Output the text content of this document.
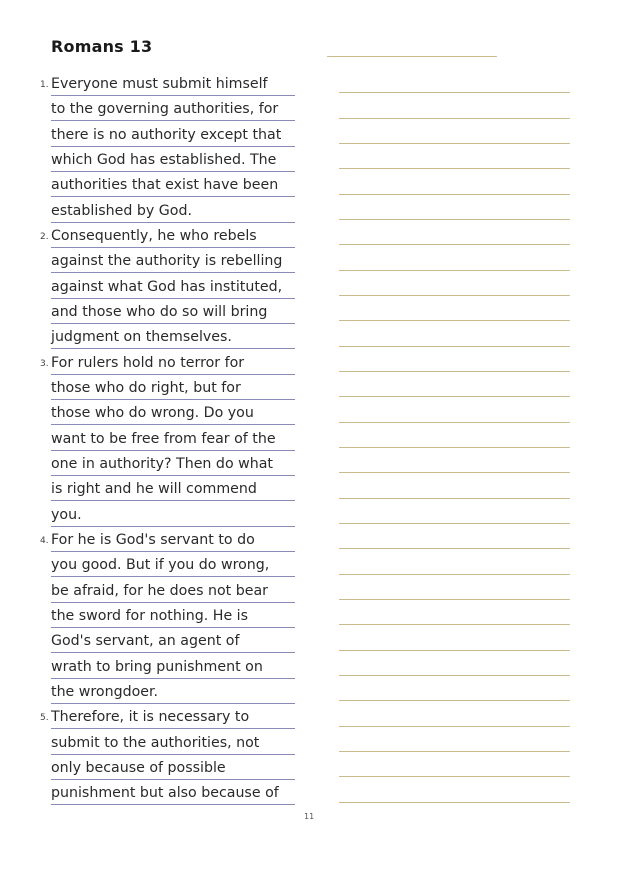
Romans 13
1. Everyone must submit himself
to the governing authorities, for
there is no authority except that
which God has established. The
authorities that exist have been
established by God.
2. Consequently, he who rebels
against the authority is rebelling
against what God has instituted,
and those who do so will bring
judgment on themselves.
3. For rulers hold no terror for
those who do right, but for
those who do wrong. Do you
want to be free from fear of the
one in authority? Then do what
is right and he will commend
you.
4. For he is God's servant to do
you good. But if you do wrong,
be afraid, for he does not bear
the sword for nothing. He is
God's servant, an agent of
wrath to bring punishment on
the wrongdoer.
5. Therefore, it is necessary to
submit to the authorities, not
only because of possible
punishment but also because of
11
